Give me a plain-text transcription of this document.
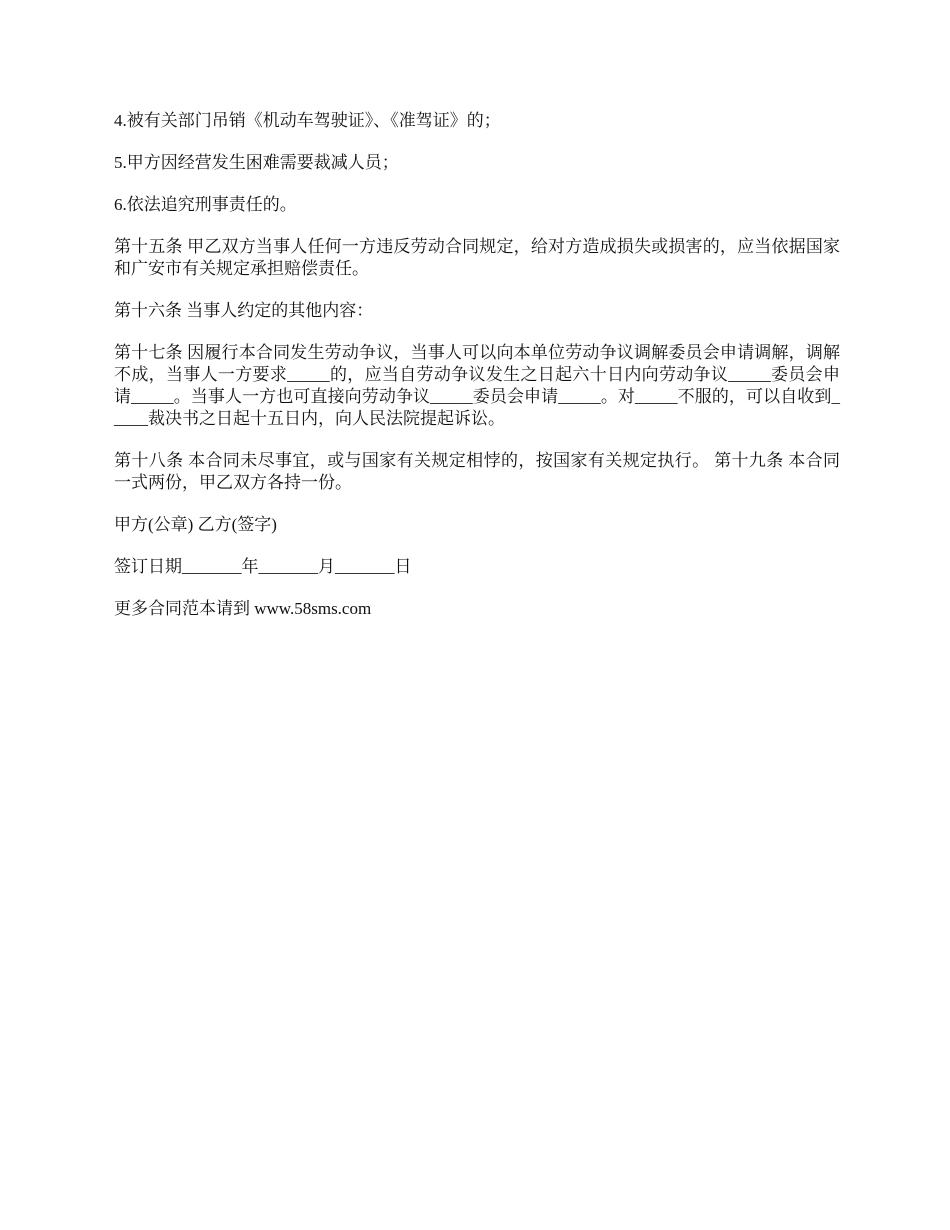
4.被有关部门吊销《机动车驾驶证》、《准驾证》的；

5.甲方因经营发生困难需要裁减人员；

6.依法追究刑事责任的。

第十五条 甲乙双方当事人任何一方违反劳动合同规定，给对方造成损失或损害的，应当依据国家和广安市有关规定承担赔偿责任。

第十六条 当事人约定的其他内容：

第十七条 因履行本合同发生劳动争议，当事人可以向本单位劳动争议调解委员会申请调解，调解不成，当事人一方要求_____的，应当自劳动争议发生之日起六十日内向劳动争议_____委员会申请_____。当事人一方也可直接向劳动争议_____委员会申请_____。对_____不服的，可以自收到_____裁决书之日起十五日内，向人民法院提起诉讼。

第十八条 本合同未尽事宜，或与国家有关规定相悖的，按国家有关规定执行。 第十九条 本合同一式两份，甲乙双方各持一份。

甲方(公章) 乙方(签字)

签订日期_______年_______月_______日

更多合同范本请到 www.58sms.com
